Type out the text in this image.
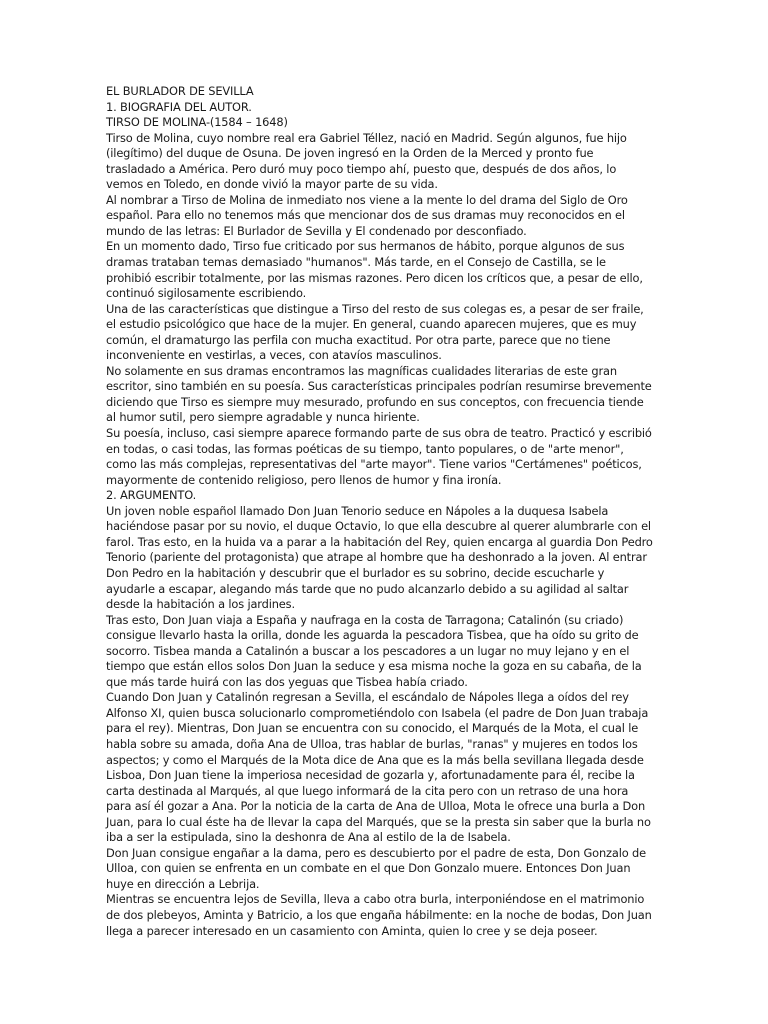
EL BURLADOR DE SEVILLA

1. BIOGRAFIA DEL AUTOR.

TIRSO DE MOLINA-(1584 – 1648)

Tirso de Molina, cuyo nombre real era Gabriel Téllez, nació en Madrid. Según algunos, fue hijo (ilegítimo) del duque de Osuna. De joven ingresó en la Orden de la Merced y pronto fue trasladado a América. Pero duró muy poco tiempo ahí, puesto que, después de dos años, lo vemos en Toledo, en donde vivió la mayor parte de su vida.

Al nombrar a Tirso de Molina de inmediato nos viene a la mente lo del drama del Siglo de Oro español. Para ello no tenemos más que mencionar dos de sus dramas muy reconocidos en el mundo de las letras: El Burlador de Sevilla y El condenado por desconfiado.

En un momento dado, Tirso fue criticado por sus hermanos de hábito, porque algunos de sus dramas trataban temas demasiado "humanos". Más tarde, en el Consejo de Castilla, se le prohibió escribir totalmente, por las mismas razones. Pero dicen los críticos que, a pesar de ello, continuó sigilosamente escribiendo.

Una de las características que distingue a Tirso del resto de sus colegas es, a pesar de ser fraile, el estudio psicológico que hace de la mujer. En general, cuando aparecen mujeres, que es muy común, el dramaturgo las perfila con mucha exactitud. Por otra parte, parece que no tiene inconveniente en vestirlas, a veces, con atavíos masculinos.

No solamente en sus dramas encontramos las magníficas cualidades literarias de este gran escritor, sino también en su poesía. Sus características principales podrían resumirse brevemente diciendo que Tirso es siempre muy mesurado, profundo en sus conceptos, con frecuencia tiende al humor sutil, pero siempre agradable y nunca hiriente.

Su poesía, incluso, casi siempre aparece formando parte de sus obra de teatro. Practicó y escribió en todas, o casi todas, las formas poéticas de su tiempo, tanto populares, o de "arte menor", como las más complejas, representativas del "arte mayor". Tiene varios "Certámenes" poéticos, mayormente de contenido religioso, pero llenos de humor y fina ironía.

2. ARGUMENTO.

Un joven noble español llamado Don Juan Tenorio seduce en Nápoles a la duquesa Isabela haciéndose pasar por su novio, el duque Octavio, lo que ella descubre al querer alumbrarle con el farol. Tras esto, en la huida va a parar a la habitación del Rey, quien encarga al guardia Don Pedro Tenorio (pariente del protagonista) que atrape al hombre que ha deshonrado a la joven. Al entrar Don Pedro en la habitación y descubrir que el burlador es su sobrino, decide escucharle y ayudarle a escapar, alegando más tarde que no pudo alcanzarlo debido a su agilidad al saltar desde la habitación a los jardines.

Tras esto, Don Juan viaja a España y naufraga en la costa de Tarragona; Catalinón (su criado) consigue llevarlo hasta la orilla, donde les aguarda la pescadora Tisbea, que ha oído su grito de socorro. Tisbea manda a Catalinón a buscar a los pescadores a un lugar no muy lejano y en el tiempo que están ellos solos Don Juan la seduce y esa misma noche la goza en su cabaña, de la que más tarde huirá con las dos yeguas que Tisbea había criado.

Cuando Don Juan y Catalinón regresan a Sevilla, el escándalo de Nápoles llega a oídos del rey Alfonso XI, quien busca solucionarlo comprometiéndolo con Isabela (el padre de Don Juan trabaja para el rey). Mientras, Don Juan se encuentra con su conocido, el Marqués de la Mota, el cual le habla sobre su amada, doña Ana de Ulloa, tras hablar de burlas, "ranas" y mujeres en todos los aspectos; y como el Marqués de la Mota dice de Ana que es la más bella sevillana llegada desde Lisboa, Don Juan tiene la imperiosa necesidad de gozarla y, afortunadamente para él, recibe la carta destinada al Marqués, al que luego informará de la cita pero con un retraso de una hora para así él gozar a Ana. Por la noticia de la carta de Ana de Ulloa, Mota le ofrece una burla a Don Juan, para lo cual éste ha de llevar la capa del Marqués, que se la presta sin saber que la burla no iba a ser la estipulada, sino la deshonra de Ana al estilo de la de Isabela.

Don Juan consigue engañar a la dama, pero es descubierto por el padre de esta, Don Gonzalo de Ulloa, con quien se enfrenta en un combate en el que Don Gonzalo muere. Entonces Don Juan huye en dirección a Lebrija.

Mientras se encuentra lejos de Sevilla, lleva a cabo otra burla, interponiéndose en el matrimonio de dos plebeyos, Aminta y Batricio, a los que engaña hábilmente: en la noche de bodas, Don Juan llega a parecer interesado en un casamiento con Aminta, quien lo cree y se deja poseer.
